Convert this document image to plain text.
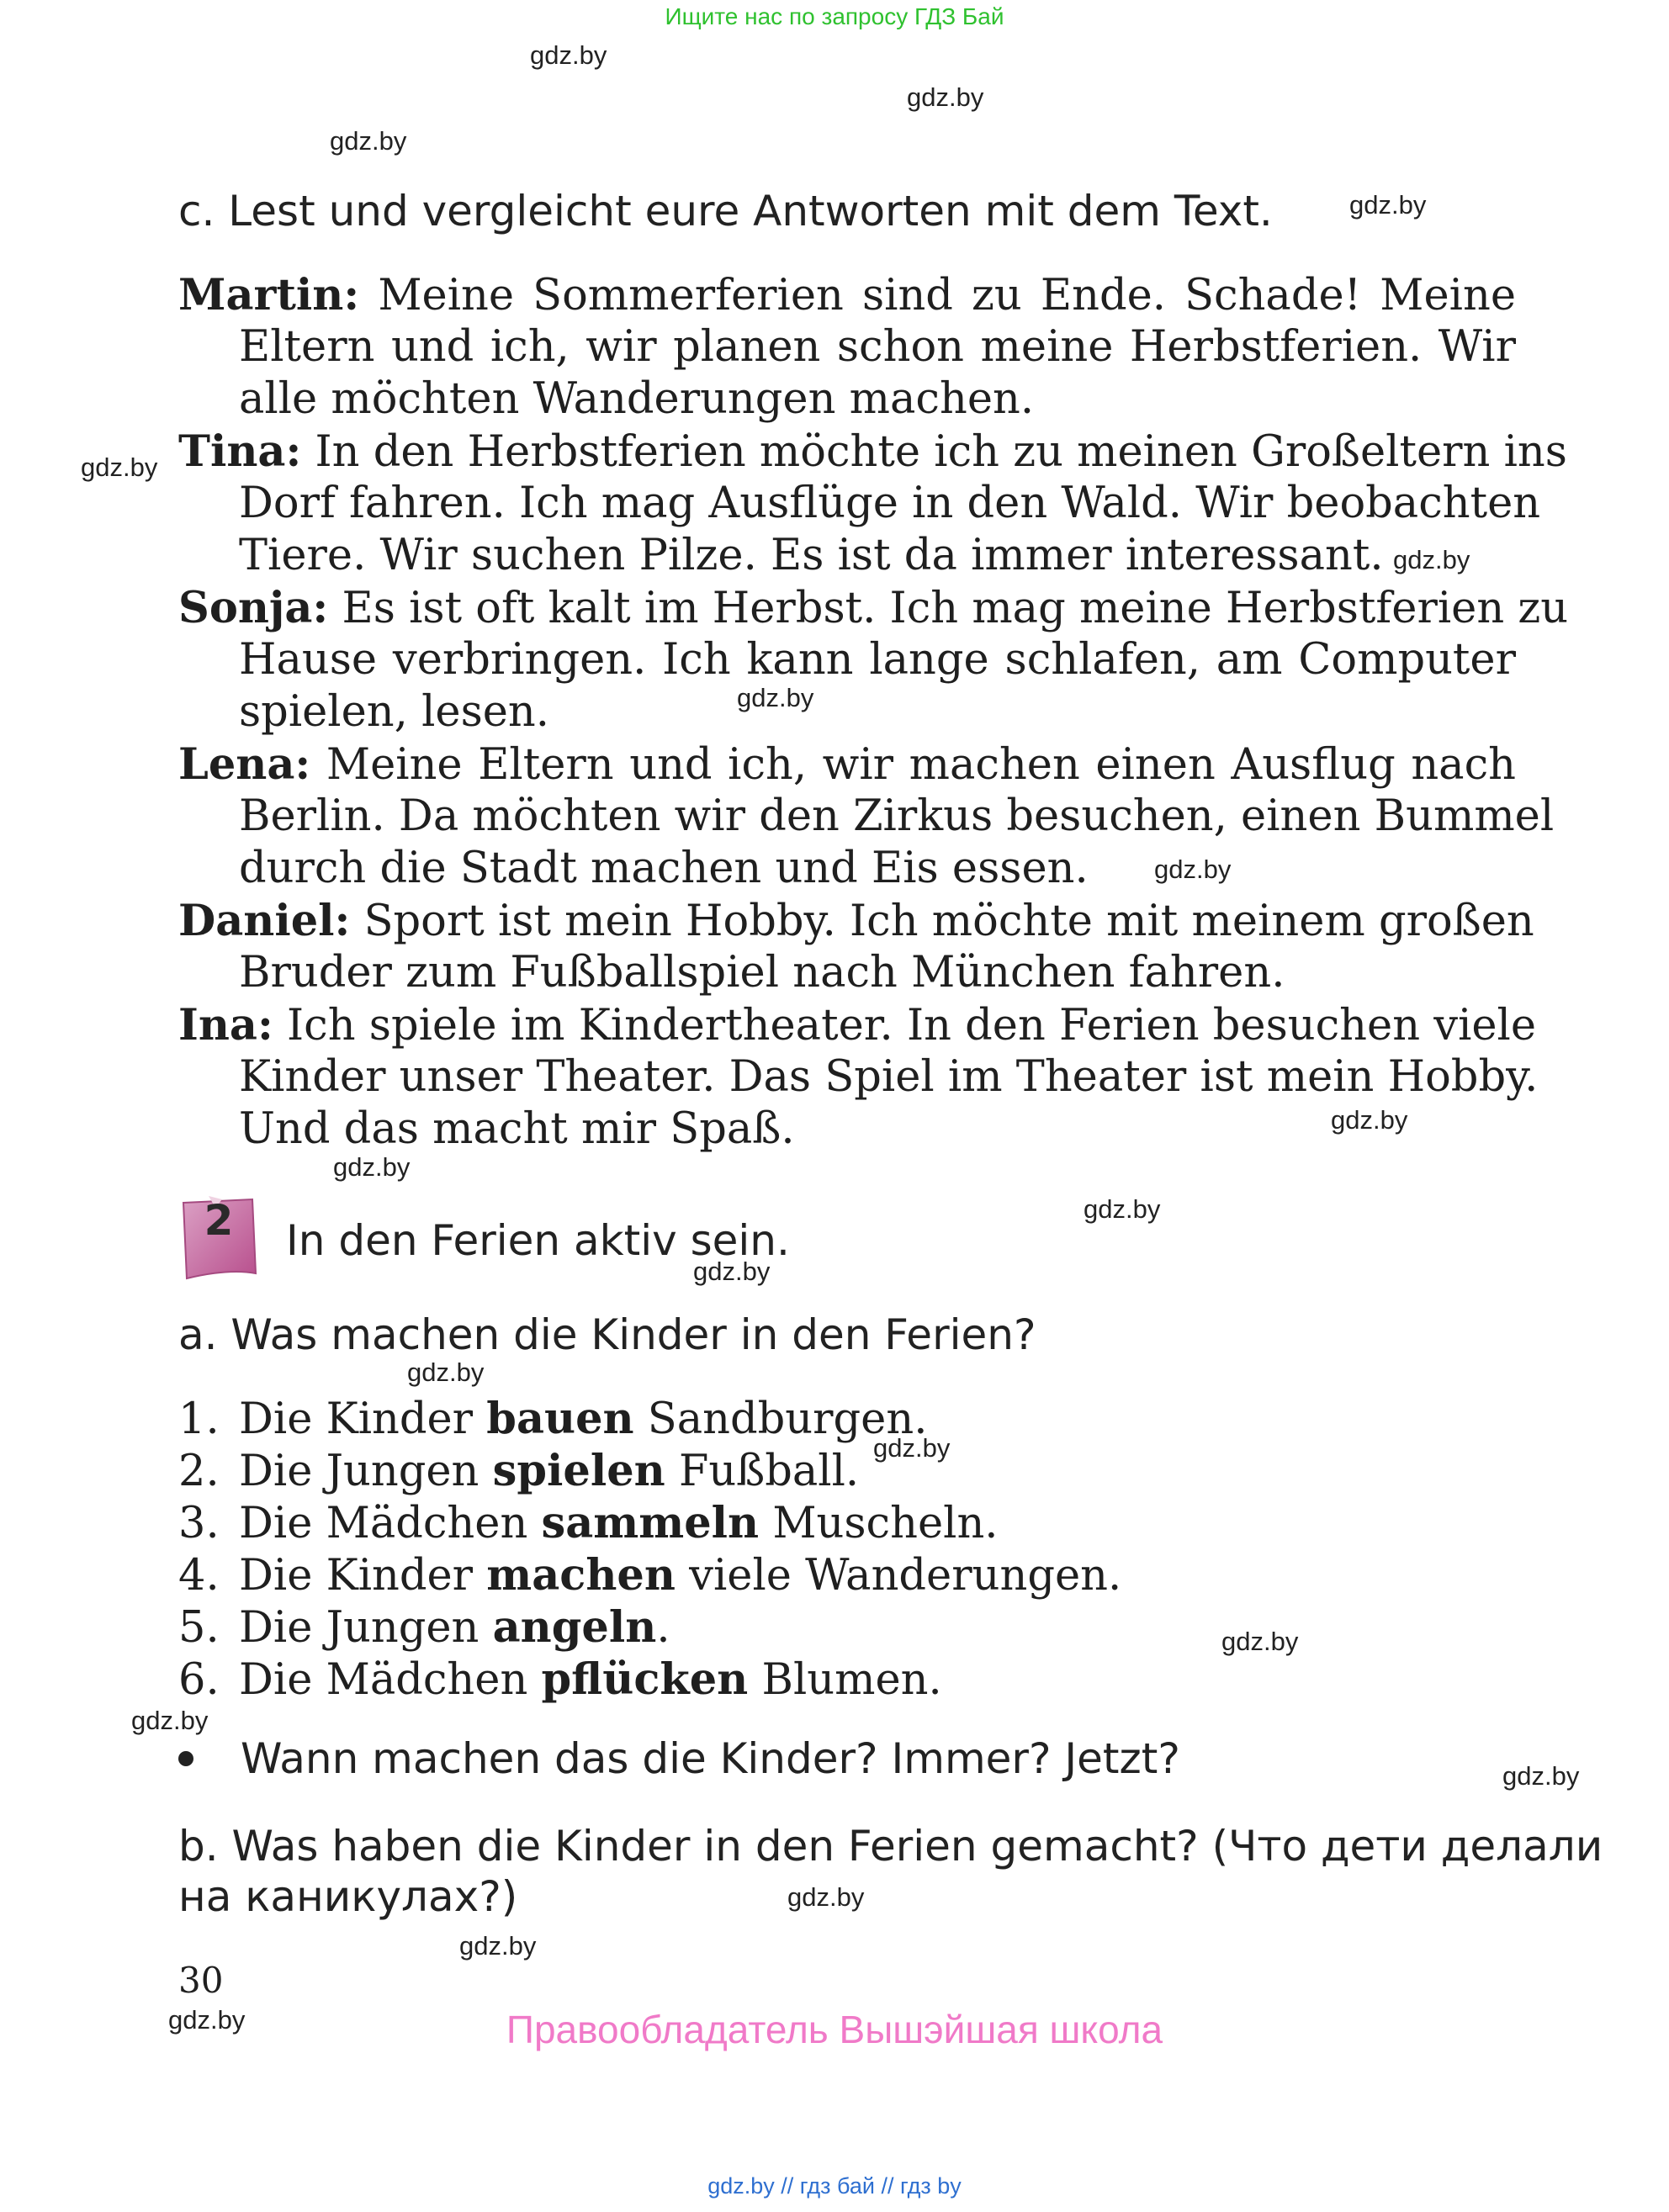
Ищите нас по запросу ГДЗ Бай
gdz.by
gdz.by
gdz.by
gdz.by
gdz.by
gdz.by
gdz.by
gdz.by
gdz.by
gdz.by
gdz.by
gdz.by
gdz.by
gdz.by
gdz.by
gdz.by
gdz.by
gdz.by
gdz.by
gdz.by
c. Lest und vergleicht eure Antworten mit dem Text.
Martin: Meine Sommerferien sind zu Ende. Schade! Meine
Eltern und ich, wir planen schon meine Herbstferien. Wir
alle möchten Wanderungen machen.
Tina: In den Herbstferien möchte ich zu meinen Großeltern ins
Dorf fahren. Ich mag Ausflüge in den Wald. Wir beobachten
Tiere. Wir suchen Pilze. Es ist da immer interessant.
Sonja: Es ist oft kalt im Herbst. Ich mag meine Herbstferien zu
Hause verbringen. Ich kann lange schlafen, am Computer
spielen, lesen.
Lena: Meine Eltern und ich, wir machen einen Ausflug nach
Berlin. Da möchten wir den Zirkus besuchen, einen Bummel
durch die Stadt machen und Eis essen.
Daniel: Sport ist mein Hobby. Ich möchte mit meinem großen
Bruder zum Fußballspiel nach München fahren.
Ina: Ich spiele im Kindertheater. In den Ferien besuchen viele
Kinder unser Theater. Das Spiel im Theater ist mein Hobby.
Und das macht mir Spaß.
2	In den Ferien aktiv sein.
a. Was machen die Kinder in den Ferien?
1. Die Kinder bauen Sandburgen.
2. Die Jungen spielen Fußball.
3. Die Mädchen sammeln Muscheln.
4. Die Kinder machen viele Wanderungen.
5. Die Jungen angeln.
6. Die Mädchen pflücken Blumen.
Wann machen das die Kinder? Immer? Jetzt?
b. Was haben die Kinder in den Ferien gemacht? (Что дети делали
на каникулах?)
30
Правообладатель Вышэйшая школа
gdz.by // гдз бай // гдз by
